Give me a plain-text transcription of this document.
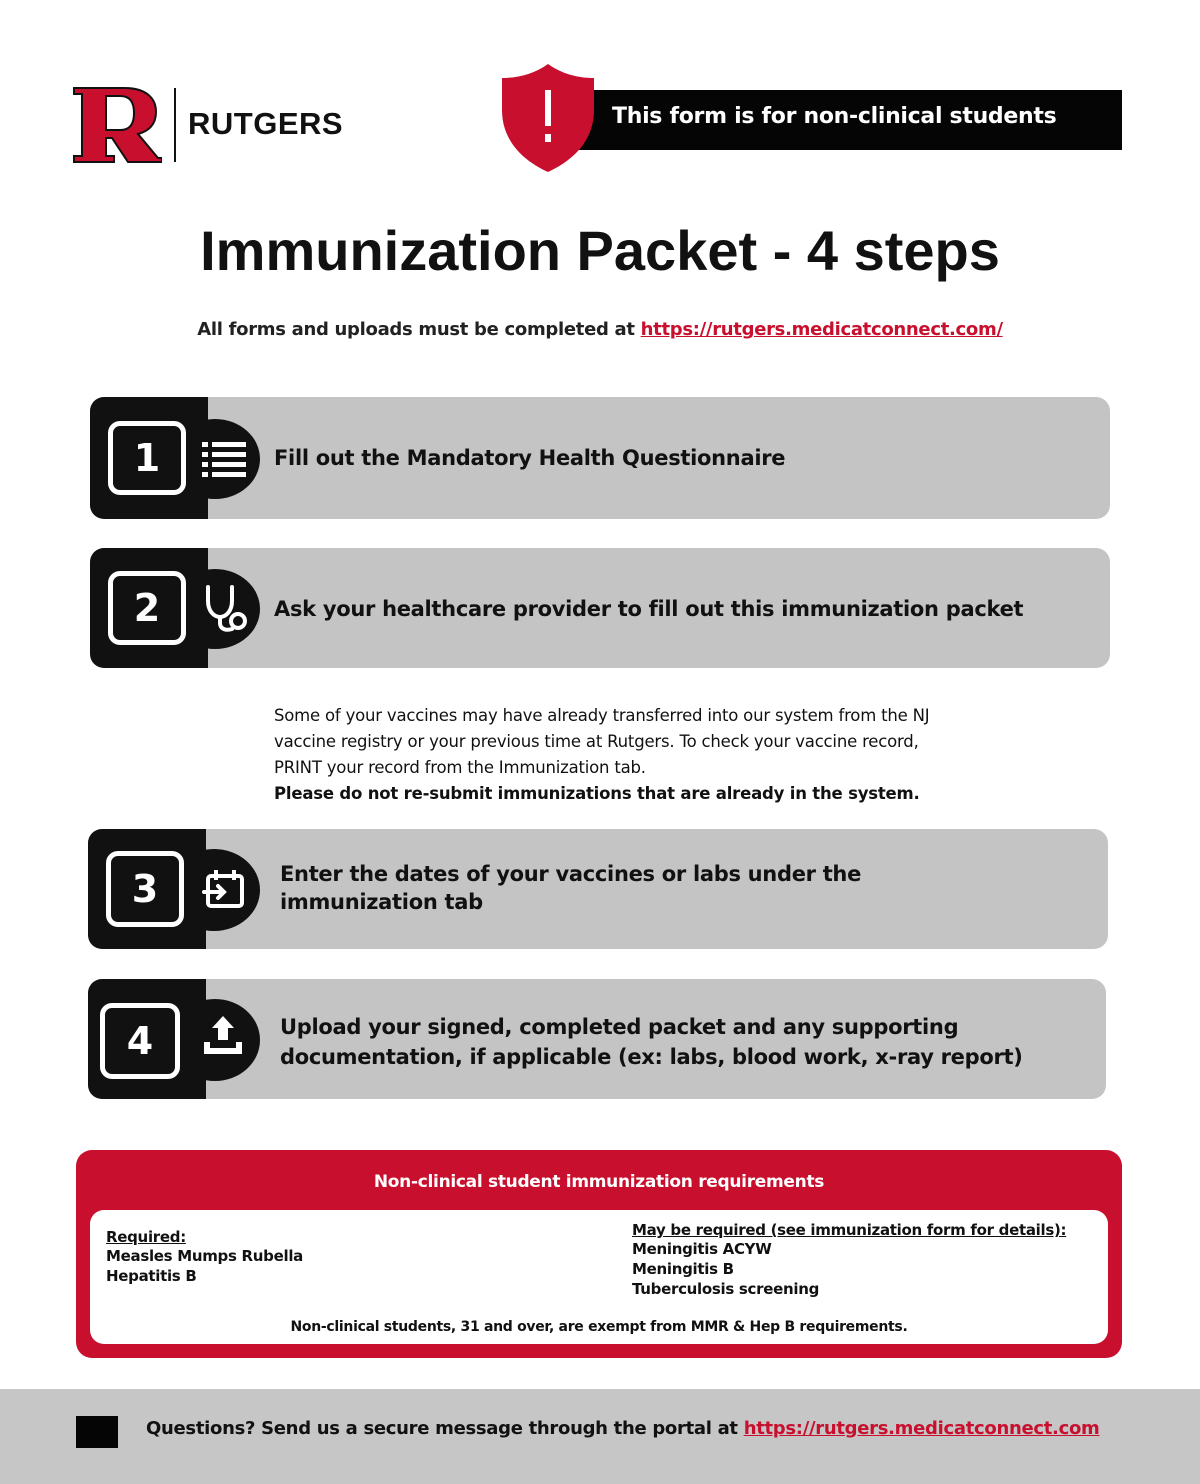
RUTGERS	This form is for non-clinical students
Immunization Packet - 4 steps
All forms and uploads must be completed at https://rutgers.medicatconnect.com/
1	Fill out the Mandatory Health Questionnaire
2	Ask your healthcare provider to fill out this immunization packet
Some of your vaccines may have already transferred into our system from the NJ
vaccine registry or your previous time at Rutgers. To check your vaccine record,
PRINT your record from the Immunization tab.
Please do not re-submit immunizations that are already in the system.
3	Enter the dates of your vaccines or labs under the
immunization tab
4	Upload your signed, completed packet and any supporting
documentation, if applicable (ex: labs, blood work, x-ray report)
Non-clinical student immunization requirements
Required:
Measles Mumps Rubella
Hepatitis B
May be required (see immunization form for details):
Meningitis ACYW
Meningitis B
Tuberculosis screening
Non-clinical students, 31 and over, are exempt from MMR & Hep B requirements.
Questions? Send us a secure message through the portal at https://rutgers.medicatconnect.com
